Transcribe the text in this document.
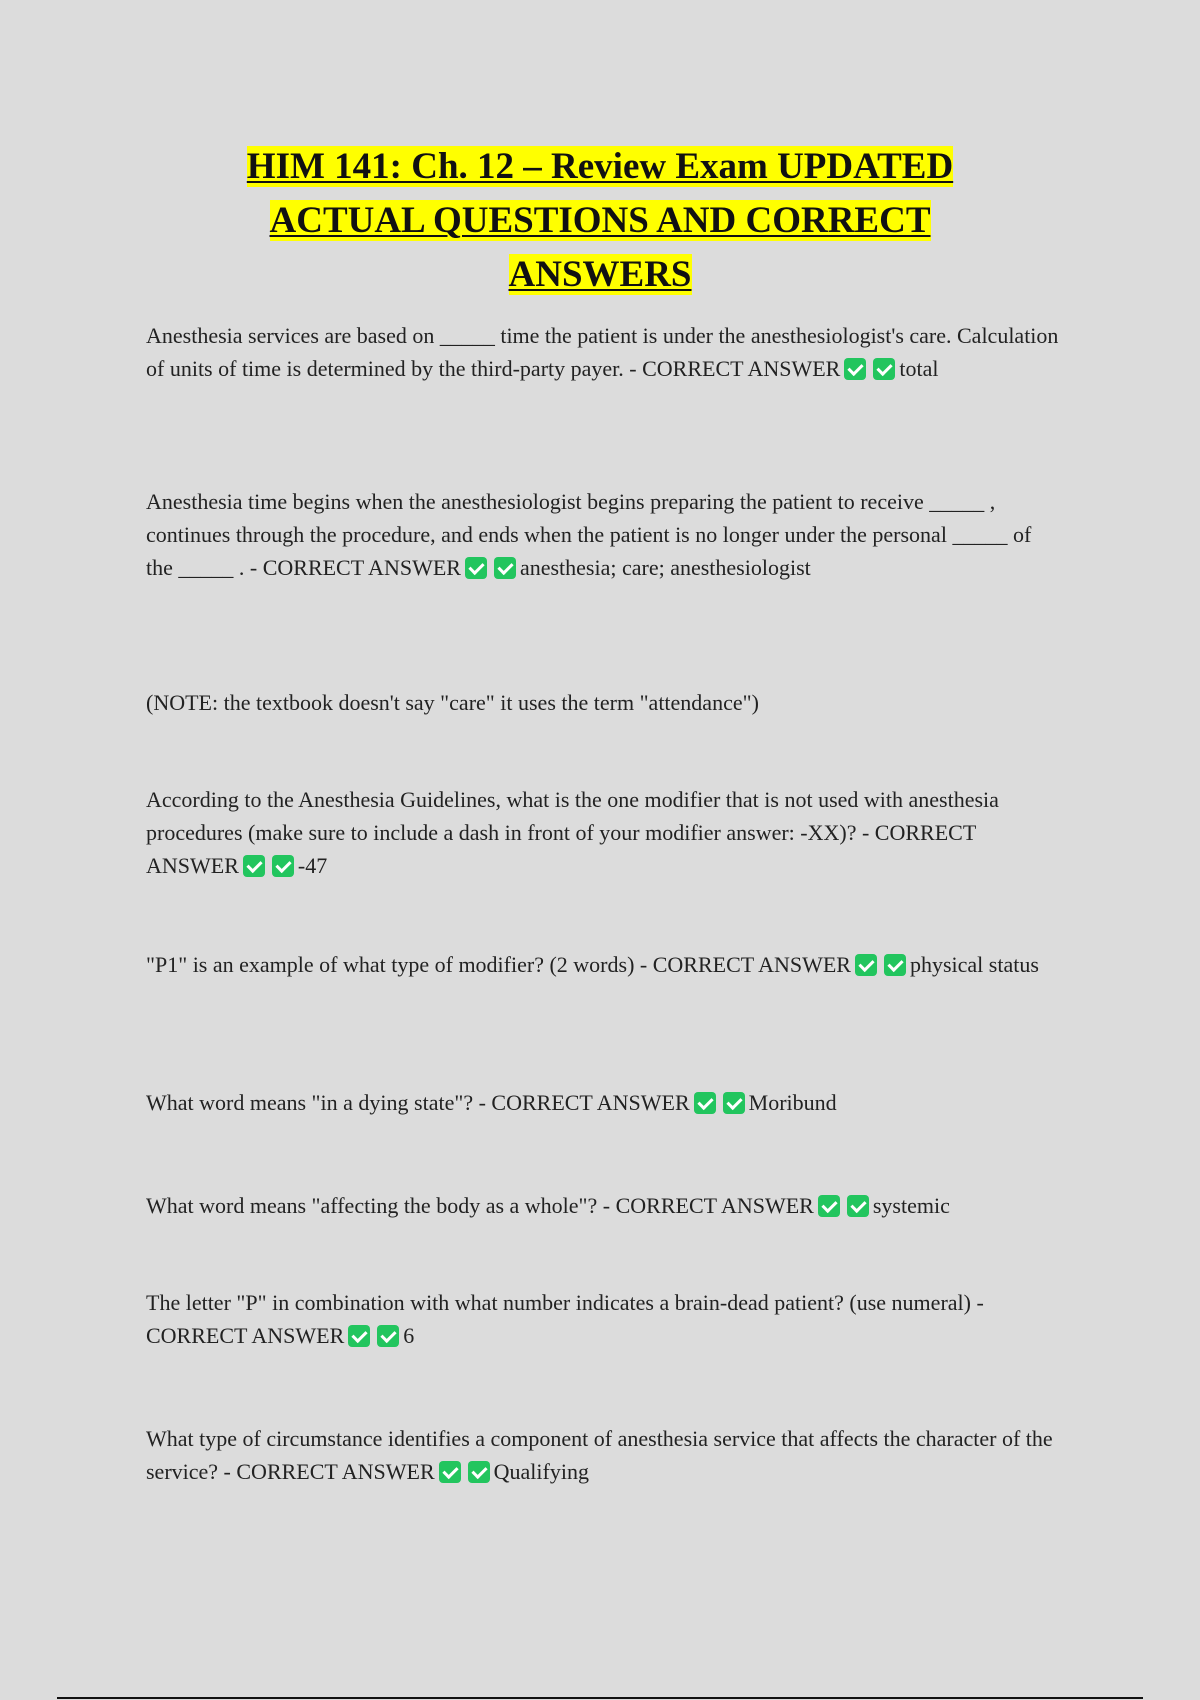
HIM 141: Ch. 12 – Review Exam UPDATED
ACTUAL QUESTIONS AND CORRECT
ANSWERS

Anesthesia services are based on _____ time the patient is under the anesthesiologist's care. Calculation of units of time is determined by the third-party payer. - CORRECT ANSWER	total

Anesthesia time begins when the anesthesiologist begins preparing the patient to receive _____ , continues through the procedure, and ends when the patient is no longer under the personal _____ of the _____ . - CORRECT ANSWER	anesthesia; care; anesthesiologist

(NOTE: the textbook doesn't say "care" it uses the term "attendance")

According to the Anesthesia Guidelines, what is the one modifier that is not used with anesthesia procedures (make sure to include a dash in front of your modifier answer: -XX)? - CORRECT ANSWER	-47

"P1" is an example of what type of modifier? (2 words) - CORRECT ANSWER	physical status

What word means "in a dying state"? - CORRECT ANSWER	Moribund

What word means "affecting the body as a whole"? - CORRECT ANSWER	systemic

The letter "P" in combination with what number indicates a brain-dead patient? (use numeral) - CORRECT ANSWER	6

What type of circumstance identifies a component of anesthesia service that affects the character of the service? - CORRECT ANSWER	Qualifying
